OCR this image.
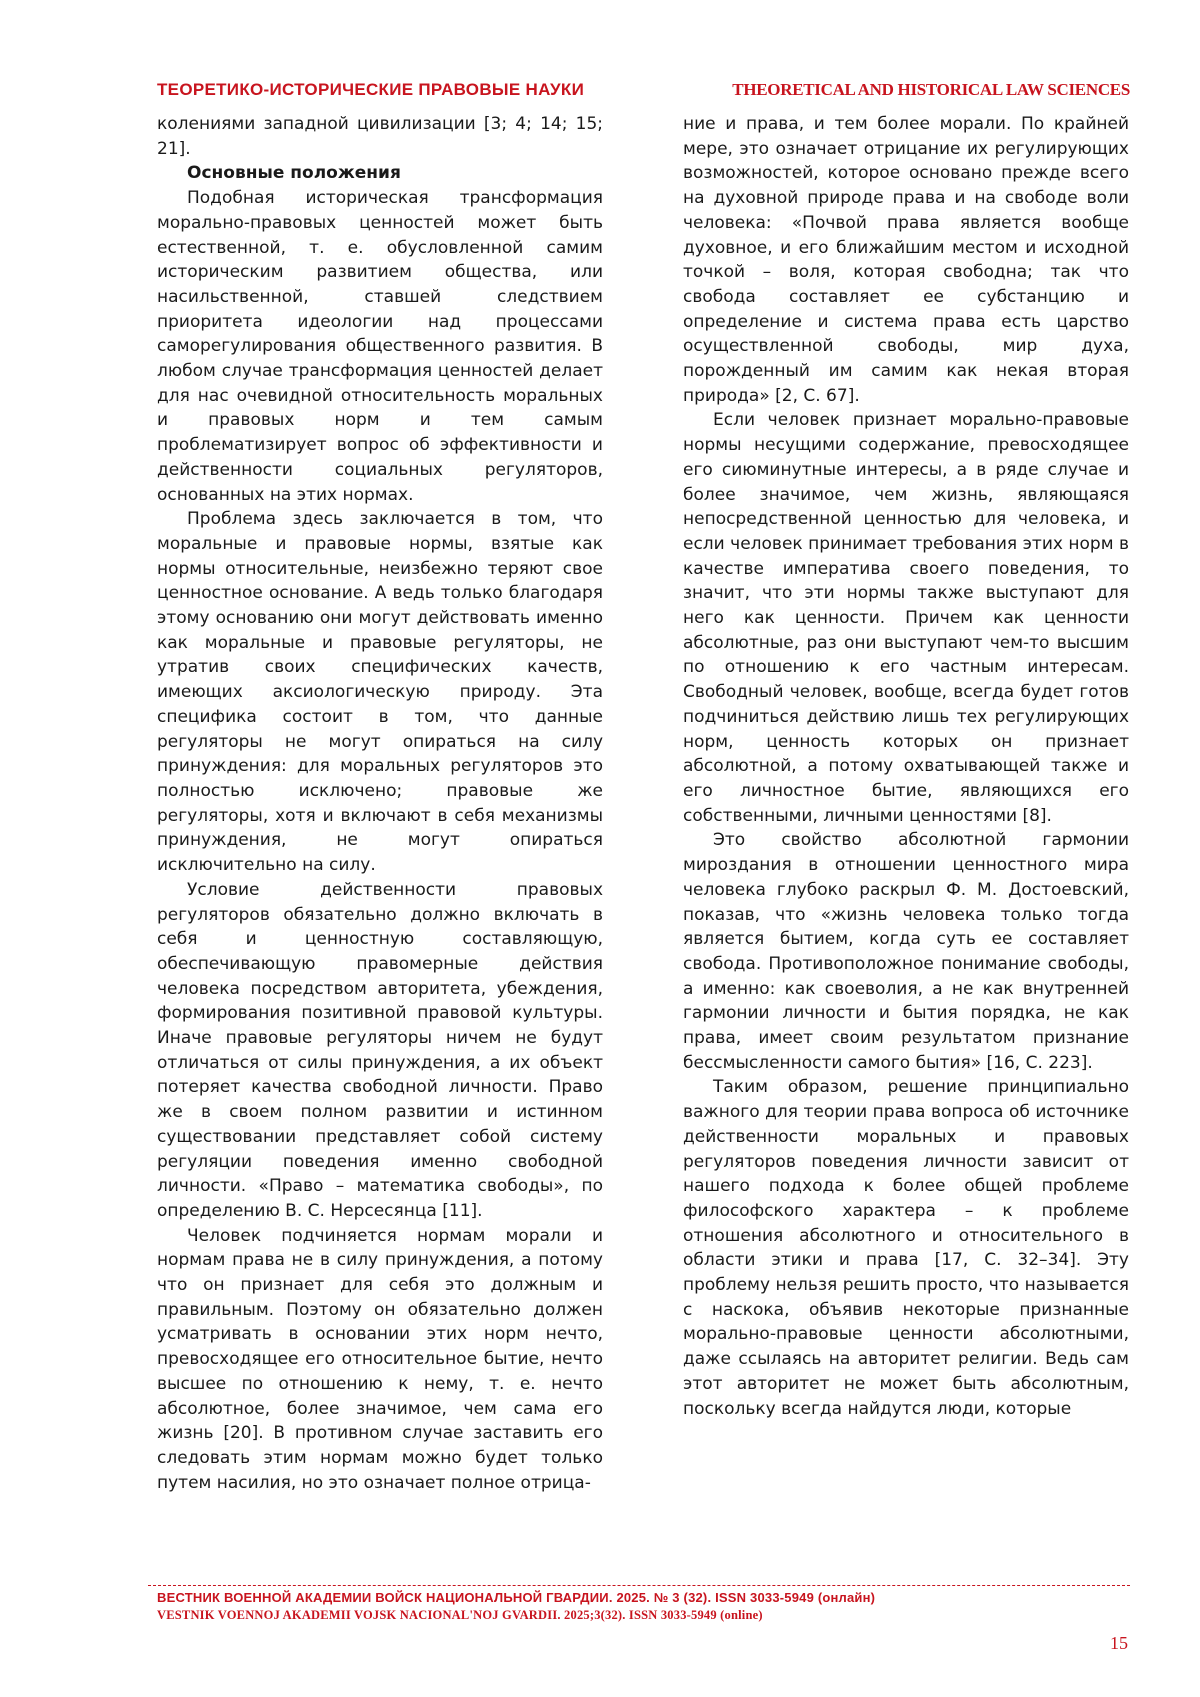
ТЕОРЕТИКО-ИСТОРИЧЕСКИЕ ПРАВОВЫЕ НАУКИ	THEORETICAL AND HISTORICAL LAW SCIENCES

колениями западной цивилизации [3; 4; 14; 15; 21].

Основные положения

Подобная историческая трансформация морально-правовых ценностей может быть естественной, т. е. обусловленной самим историческим развитием общества, или насильственной, ставшей следствием приоритета идеологии над процессами саморегулирования общественного развития. В любом случае трансформация ценностей делает для нас очевидной относительность моральных и правовых норм и тем самым проблематизирует вопрос об эффективности и действенности социальных регуляторов, основанных на этих нормах.

Проблема здесь заключается в том, что моральные и правовые нормы, взятые как нормы относительные, неизбежно теряют свое ценностное основание. А ведь только благодаря этому основанию они могут действовать именно как моральные и правовые регуляторы, не утратив своих специфических качеств, имеющих аксиологическую природу. Эта специфика состоит в том, что данные регуляторы не могут опираться на силу принуждения: для моральных регуляторов это полностью исключено; правовые же регуляторы, хотя и включают в себя механизмы принуждения, не могут опираться исключительно на силу.

Условие действенности правовых регуляторов обязательно должно включать в себя и ценностную составляющую, обеспечивающую правомерные действия человека посредством авторитета, убеждения, формирования позитивной правовой культуры. Иначе правовые регуляторы ничем не будут отличаться от силы принуждения, а их объект потеряет качества свободной личности. Право же в своем полном развитии и истинном существовании представляет собой систему регуляции поведения именно свободной личности. «Право – математика свободы», по определению В. С. Нерсесянца [11].

Человек подчиняется нормам морали и нормам права не в силу принуждения, а потому что он признает для себя это должным и правильным. Поэтому он обязательно должен усматривать в основании этих норм нечто, превосходящее его относительное бытие, нечто высшее по отношению к нему, т. е. нечто абсолютное, более значимое, чем сама его жизнь [20]. В противном случае заставить его следовать этим нормам можно будет только путем насилия, но это означает полное отрица-

ние и права, и тем более морали. По крайней мере, это означает отрицание их регулирующих возможностей, которое основано прежде всего на духовной природе права и на свободе воли человека: «Почвой права является вообще духовное, и его ближайшим местом и исходной точкой – воля, которая свободна; так что свобода составляет ее субстанцию и определение и система права есть царство осуществленной свободы, мир духа, порожденный им самим как некая вторая природа» [2, С. 67].

Если человек признает морально-правовые нормы несущими содержание, превосходящее его сиюминутные интересы, а в ряде случае и более значимое, чем жизнь, являющаяся непосредственной ценностью для человека, и если человек принимает требования этих норм в качестве императива своего поведения, то значит, что эти нормы также выступают для него как ценности. Причем как ценности абсолютные, раз они выступают чем-то высшим по отношению к его частным интересам. Свободный человек, вообще, всегда будет готов подчиниться действию лишь тех регулирующих норм, ценность которых он признает абсолютной, а потому охватывающей также и его личностное бытие, являющихся его собственными, личными ценностями [8].

Это свойство абсолютной гармонии мироздания в отношении ценностного мира человека глубоко раскрыл Ф. М. Достоевский, показав, что «жизнь человека только тогда является бытием, когда суть ее составляет свобода. Противоположное понимание свободы, а именно: как своеволия, а не как внутренней гармонии личности и бытия порядка, не как права, имеет своим результатом признание бессмысленности самого бытия» [16, С. 223].

Таким образом, решение принципиально важного для теории права вопроса об источнике действенности моральных и правовых регуляторов поведения личности зависит от нашего подхода к более общей проблеме философского характера – к проблеме отношения абсолютного и относительного в области этики и права [17, С. 32–34]. Эту проблему нельзя решить просто, что называется с наскока, объявив некоторые признанные морально-правовые ценности абсолютными, даже ссылаясь на авторитет религии. Ведь сам этот авторитет не может быть абсолютным, поскольку всегда найдутся люди, которые

ВЕСТНИК ВОЕННОЙ АКАДЕМИИ ВОЙСК НАЦИОНАЛЬНОЙ ГВАРДИИ. 2025. № 3 (32). ISSN 3033-5949 (онлайн)
VESTNIK VOENNOJ AKADEMII VOJSK NACIONAL'NOJ GVARDII. 2025;3(32). ISSN 3033-5949 (online)
15
